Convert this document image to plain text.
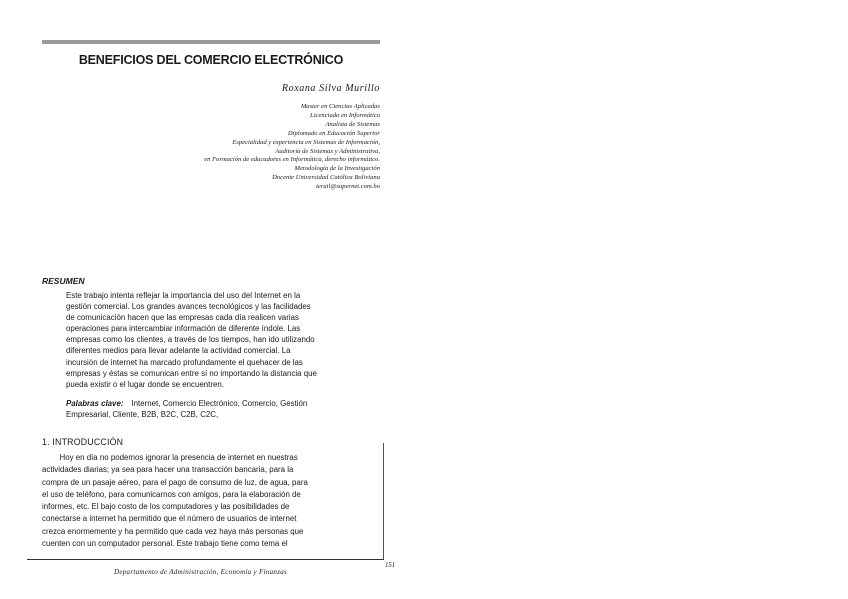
BENEFICIOS DEL COMERCIO ELECTRÓNICO
Roxana Silva Murillo
Master en Ciencias Aplicadas
Licenciada en Informática
Analista de Sistemas
Diplomado en Educación Superior
Especialidad y experiencia en Sistemas de Información,
Auditoría de Sistemas y Administrativa,
en Formación de educadores en Informática, derecho informático.
Metodología de la Investigación
Docente Universidad Católica Boliviana
terail@supernet.com.bo
RESUMEN
Este trabajo intenta reflejar la importancia del uso del Internet en la
gestión comercial. Los grandes avances tecnológicos y las facilidades
de comunicación hacen que las empresas cada día realicen varias
operaciones para intercambiar información de diferente índole. Las
empresas como los clientes, a través de los tiempos, han ido utilizando
diferentes medios para llevar adelante la actividad comercial. La
incursión de internet ha marcado profundamente el quehacer de las
empresas y éstas se comunican entre sí no importando la distancia que
pueda existir o el lugar donde se encuentren.
Palabras clave: Internet, Comercio Electrónico, Comercio, Gestión
Empresarial, Cliente, B2B, B2C, C2B, C2C,
1. INTRODUCCIÓN
Hoy en día no podemos ignorar la presencia de internet en nuestras
actividades diarias; ya sea para hacer una transacción bancaria, para la
compra de un pasaje aéreo, para el pago de consumo de luz, de agua, para
el uso de teléfono, para comunicarnos con amigos, para la elaboración de
informes, etc. El bajo costo de los computadores y las posibilidades de
conectarse a internet ha permitido que el número de usuarios de internet
crezca enormemente y ha permitido que cada vez haya más personas que
cuenten con un computador personal. Este trabajo tiene como tema el
Departamento de Administración, Economía y Finanzas
151
